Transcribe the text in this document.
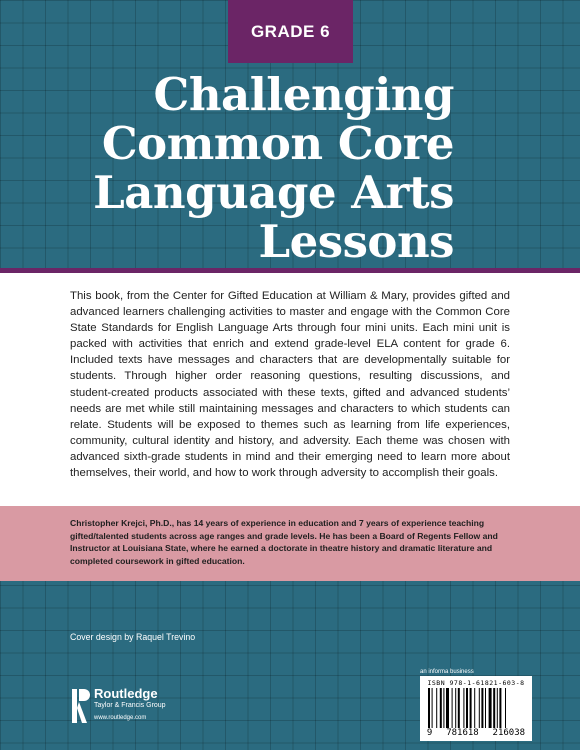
GRADE 6
Challenging
Common Core
Language Arts
Lessons

This book, from the Center for Gifted Education at William & Mary, provides gifted and advanced learners challenging activities to master and engage with the Common Core State Standards for English Language Arts through four mini units. Each mini unit is packed with activities that enrich and extend grade-level ELA content for grade 6. Included texts have messages and characters that are developmentally suitable for students. Through higher order reasoning questions, resulting discussions, and student-created products associated with these texts, gifted and advanced students’ needs are met while still maintaining messages and characters to which students can relate. Students will be exposed to themes such as learning from life experiences, community, cultural identity and history, and adversity. Each theme was chosen with advanced sixth-grade students in mind and their emerging need to learn more about themselves, their world, and how to work through adversity to accomplish their goals.

Christopher Krejci, Ph.D., has 14 years of experience in education and 7 years of experience teaching gifted/talented students across age ranges and grade levels. He has been a Board of Regents Fellow and Instructor at Louisiana State, where he earned a doctorate in theatre history and dramatic literature and completed coursework in gifted education.

Cover design by Raquel Trevino
Routledge
Taylor & Francis Group
www.routledge.com
an informa business
ISBN 978-1-61821-603-8
9 781618 216038
